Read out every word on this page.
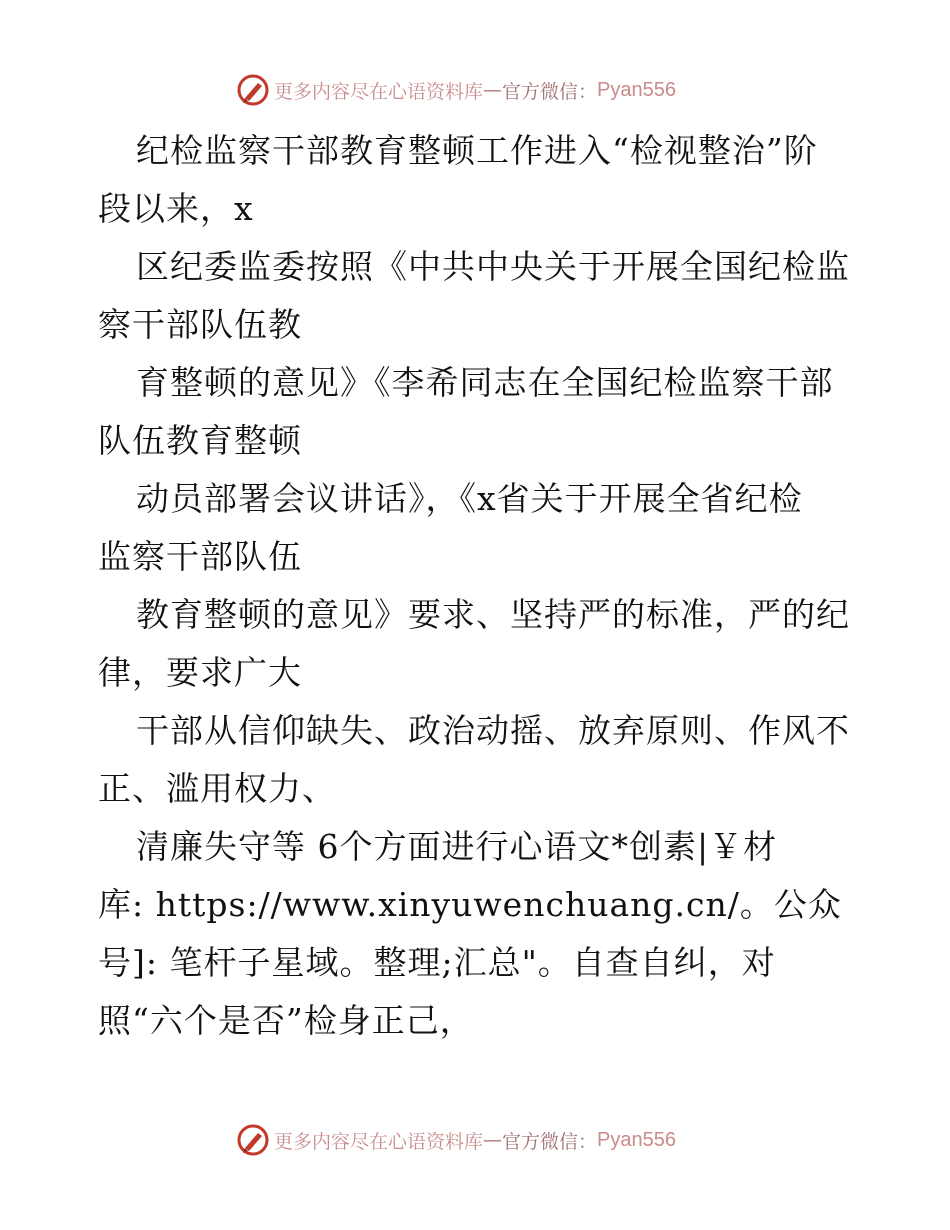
更多内容尽在心语资料库 — 官方微信： Pyan556
纪检监察干部教育整顿工作进入“检视整治”阶
段以来，x
区纪委监委按照《中共中央关于开展全国纪检监
察干部队伍教
育整顿的意见》《李希同志在全国纪检监察干部
队伍教育整顿
动员部署会议讲话》，《x省关于开展全省纪检
监察干部队伍
教育整顿的意见》要求、坚持严的标准，严的纪
律，要求广大
干部从信仰缺失、政治动摇、放弃原则、作风不
正、滥用权力、
清廉失守等 6个方面进行心语文*创素|￥材
库: https://www.xinyuwenchuang.cn/。公众
号]: 笔杆子星域。整理;汇总"。自查自纠，对
照“六个是否”检身正己，
更多内容尽在心语资料库 — 官方微信： Pyan556
